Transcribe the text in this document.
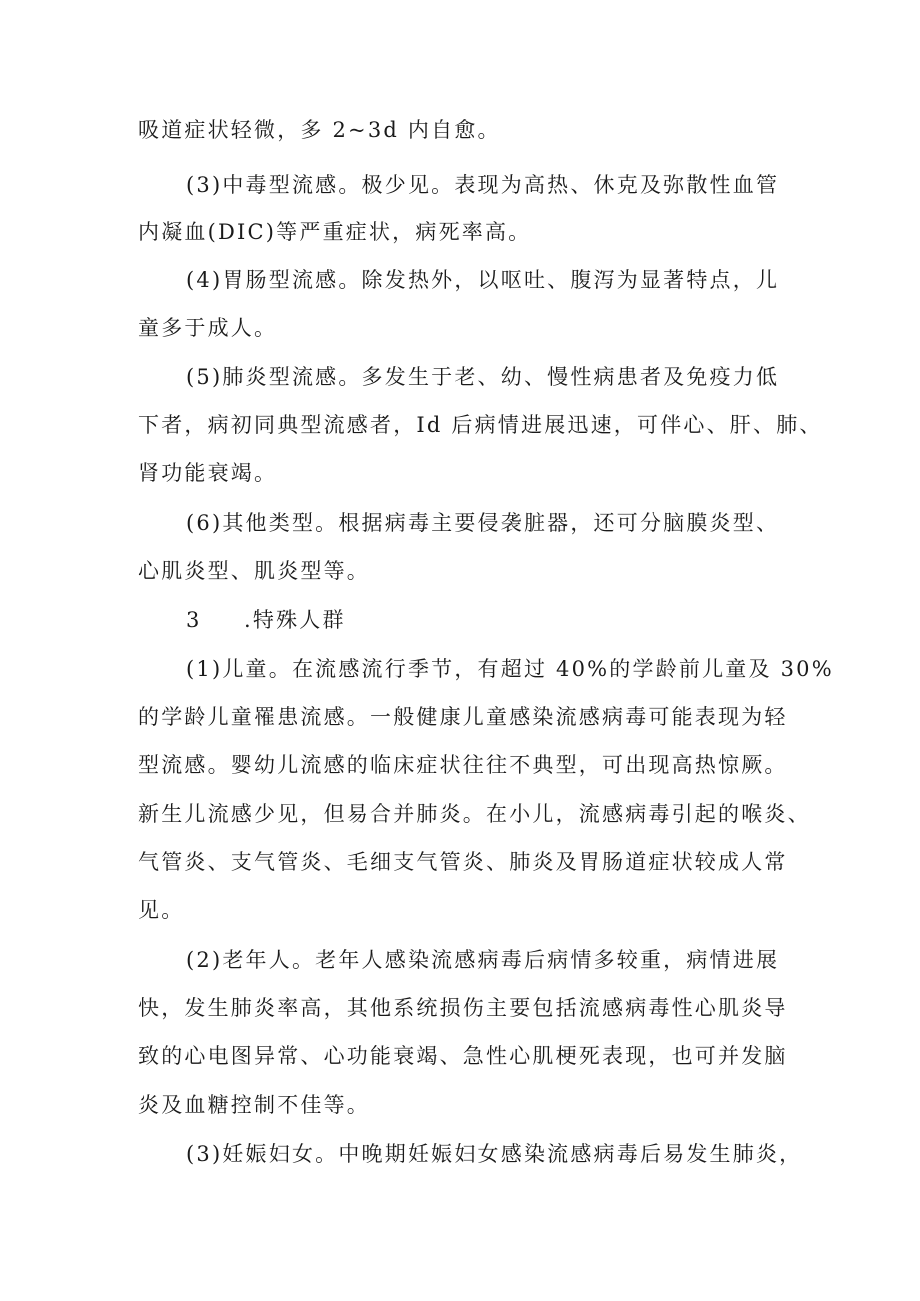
吸道症状轻微，多 2~3d 内自愈。
(3)中毒型流感。极少见。表现为高热、休克及弥散性血管
内凝血(DIC)等严重症状，病死率高。
(4)胃肠型流感。除发热外，以呕吐、腹泻为显著特点，儿
童多于成人。
(5)肺炎型流感。多发生于老、幼、慢性病患者及免疫力低
下者，病初同典型流感者，Id 后病情进展迅速，可伴心、肝、肺、
肾功能衰竭。
(6)其他类型。根据病毒主要侵袭脏器，还可分脑膜炎型、
心肌炎型、肌炎型等。
3 .特殊人群
(1)儿童。在流感流行季节，有超过 40%的学龄前儿童及 30%
的学龄儿童罹患流感。一般健康儿童感染流感病毒可能表现为轻
型流感。婴幼儿流感的临床症状往往不典型，可出现高热惊厥。
新生儿流感少见，但易合并肺炎。在小儿，流感病毒引起的喉炎、
气管炎、支气管炎、毛细支气管炎、肺炎及胃肠道症状较成人常
见。
(2)老年人。老年人感染流感病毒后病情多较重，病情进展
快，发生肺炎率高，其他系统损伤主要包括流感病毒性心肌炎导
致的心电图异常、心功能衰竭、急性心肌梗死表现，也可并发脑
炎及血糖控制不佳等。
(3)妊娠妇女。中晚期妊娠妇女感染流感病毒后易发生肺炎，
